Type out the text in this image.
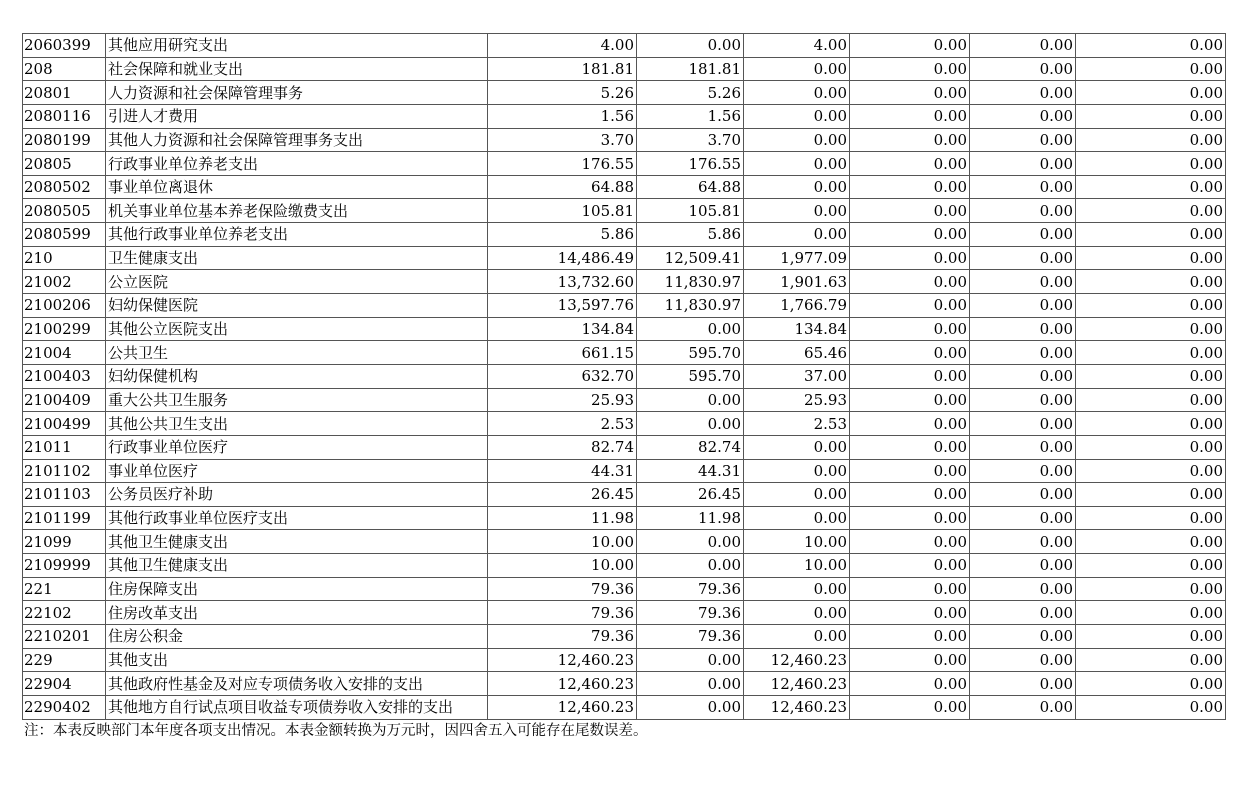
2060399	其他应用研究支出	4.00	0.00	4.00	0.00	0.00	0.00
208	社会保障和就业支出	181.81	181.81	0.00	0.00	0.00	0.00
20801	人力资源和社会保障管理事务	5.26	5.26	0.00	0.00	0.00	0.00
2080116	引进人才费用	1.56	1.56	0.00	0.00	0.00	0.00
2080199	其他人力资源和社会保障管理事务支出	3.70	3.70	0.00	0.00	0.00	0.00
20805	行政事业单位养老支出	176.55	176.55	0.00	0.00	0.00	0.00
2080502	事业单位离退休	64.88	64.88	0.00	0.00	0.00	0.00
2080505	机关事业单位基本养老保险缴费支出	105.81	105.81	0.00	0.00	0.00	0.00
2080599	其他行政事业单位养老支出	5.86	5.86	0.00	0.00	0.00	0.00
210	卫生健康支出	14,486.49	12,509.41	1,977.09	0.00	0.00	0.00
21002	公立医院	13,732.60	11,830.97	1,901.63	0.00	0.00	0.00
2100206	妇幼保健医院	13,597.76	11,830.97	1,766.79	0.00	0.00	0.00
2100299	其他公立医院支出	134.84	0.00	134.84	0.00	0.00	0.00
21004	公共卫生	661.15	595.70	65.46	0.00	0.00	0.00
2100403	妇幼保健机构	632.70	595.70	37.00	0.00	0.00	0.00
2100409	重大公共卫生服务	25.93	0.00	25.93	0.00	0.00	0.00
2100499	其他公共卫生支出	2.53	0.00	2.53	0.00	0.00	0.00
21011	行政事业单位医疗	82.74	82.74	0.00	0.00	0.00	0.00
2101102	事业单位医疗	44.31	44.31	0.00	0.00	0.00	0.00
2101103	公务员医疗补助	26.45	26.45	0.00	0.00	0.00	0.00
2101199	其他行政事业单位医疗支出	11.98	11.98	0.00	0.00	0.00	0.00
21099	其他卫生健康支出	10.00	0.00	10.00	0.00	0.00	0.00
2109999	其他卫生健康支出	10.00	0.00	10.00	0.00	0.00	0.00
221	住房保障支出	79.36	79.36	0.00	0.00	0.00	0.00
22102	住房改革支出	79.36	79.36	0.00	0.00	0.00	0.00
2210201	住房公积金	79.36	79.36	0.00	0.00	0.00	0.00
229	其他支出	12,460.23	0.00	12,460.23	0.00	0.00	0.00
22904	其他政府性基金及对应专项债务收入安排的支出	12,460.23	0.00	12,460.23	0.00	0.00	0.00
2290402	其他地方自行试点项目收益专项债券收入安排的支出	12,460.23	0.00	12,460.23	0.00	0.00	0.00
注：本表反映部门本年度各项支出情况。本表金额转换为万元时，因四舍五入可能存在尾数误差。
